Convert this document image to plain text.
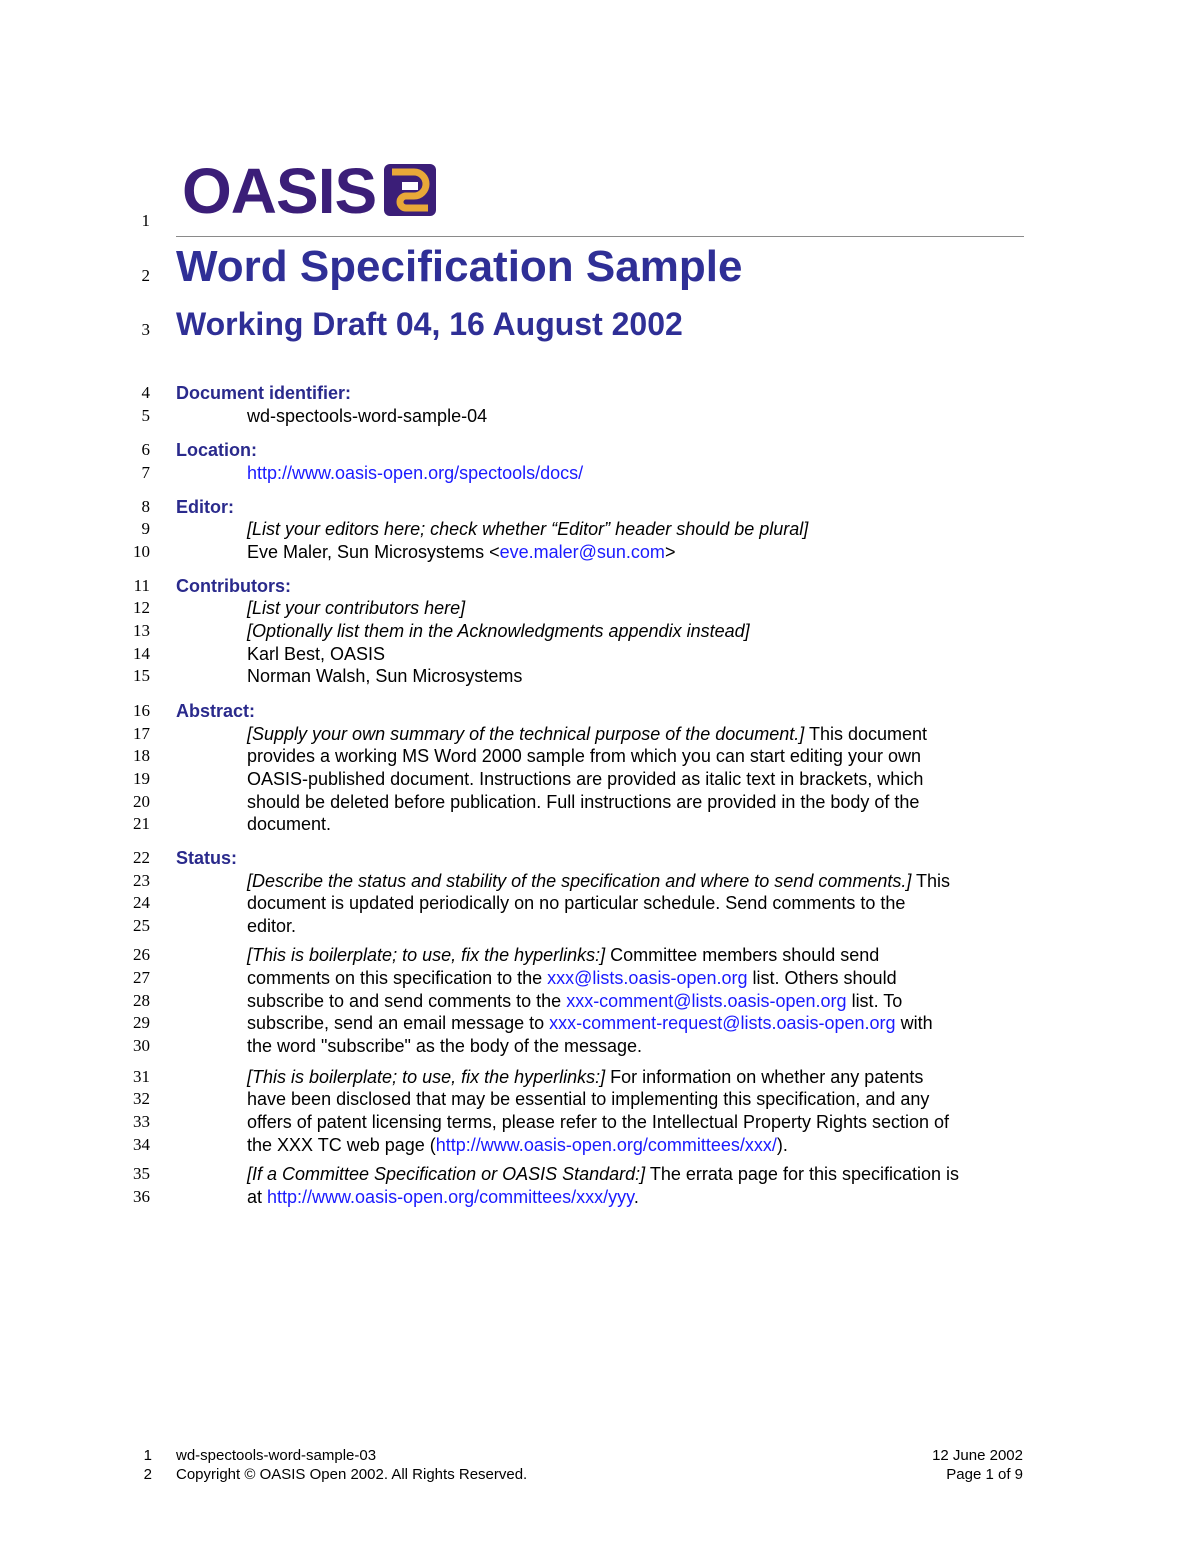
OASIS
1
2
3
4
5
6
7
8
9
10
11
12
13
14
15
16
17
18
19
20
21
22
23
24
25
26
27
28
29
30
31
32
33
34
35
36
Word Specification Sample
Working Draft 04, 16 August 2002
Document identifier:
wd-spectools-word-sample-04
Location:
http://www.oasis-open.org/spectools/docs/
Editor:
[List your editors here; check whether “Editor” header should be plural]
Eve Maler, Sun Microsystems <eve.maler@sun.com>
Contributors:
[List your contributors here]
[Optionally list them in the Acknowledgments appendix instead]
Karl Best, OASIS
Norman Walsh, Sun Microsystems
Abstract:
[Supply your own summary of the technical purpose of the document.] This document
provides a working MS Word 2000 sample from which you can start editing your own
OASIS-published document. Instructions are provided as italic text in brackets, which
should be deleted before publication. Full instructions are provided in the body of the
document.
Status:
[Describe the status and stability of the specification and where to send comments.] This
document is updated periodically on no particular schedule. Send comments to the
editor.
[This is boilerplate; to use, fix the hyperlinks:] Committee members should send
comments on this specification to the xxx@lists.oasis-open.org list. Others should
subscribe to and send comments to the xxx-comment@lists.oasis-open.org list. To
subscribe, send an email message to xxx-comment-request@lists.oasis-open.org with
the word "subscribe" as the body of the message.
[This is boilerplate; to use, fix the hyperlinks:] For information on whether any patents
have been disclosed that may be essential to implementing this specification, and any
offers of patent licensing terms, please refer to the Intellectual Property Rights section of
the XXX TC web page (http://www.oasis-open.org/committees/xxx/).
[If a Committee Specification or OASIS Standard:] The errata page for this specification is
at http://www.oasis-open.org/committees/xxx/yyy.
1
2
wd-spectools-word-sample-03
Copyright © OASIS Open 2002. All Rights Reserved.
12 June 2002
Page 1 of 9
